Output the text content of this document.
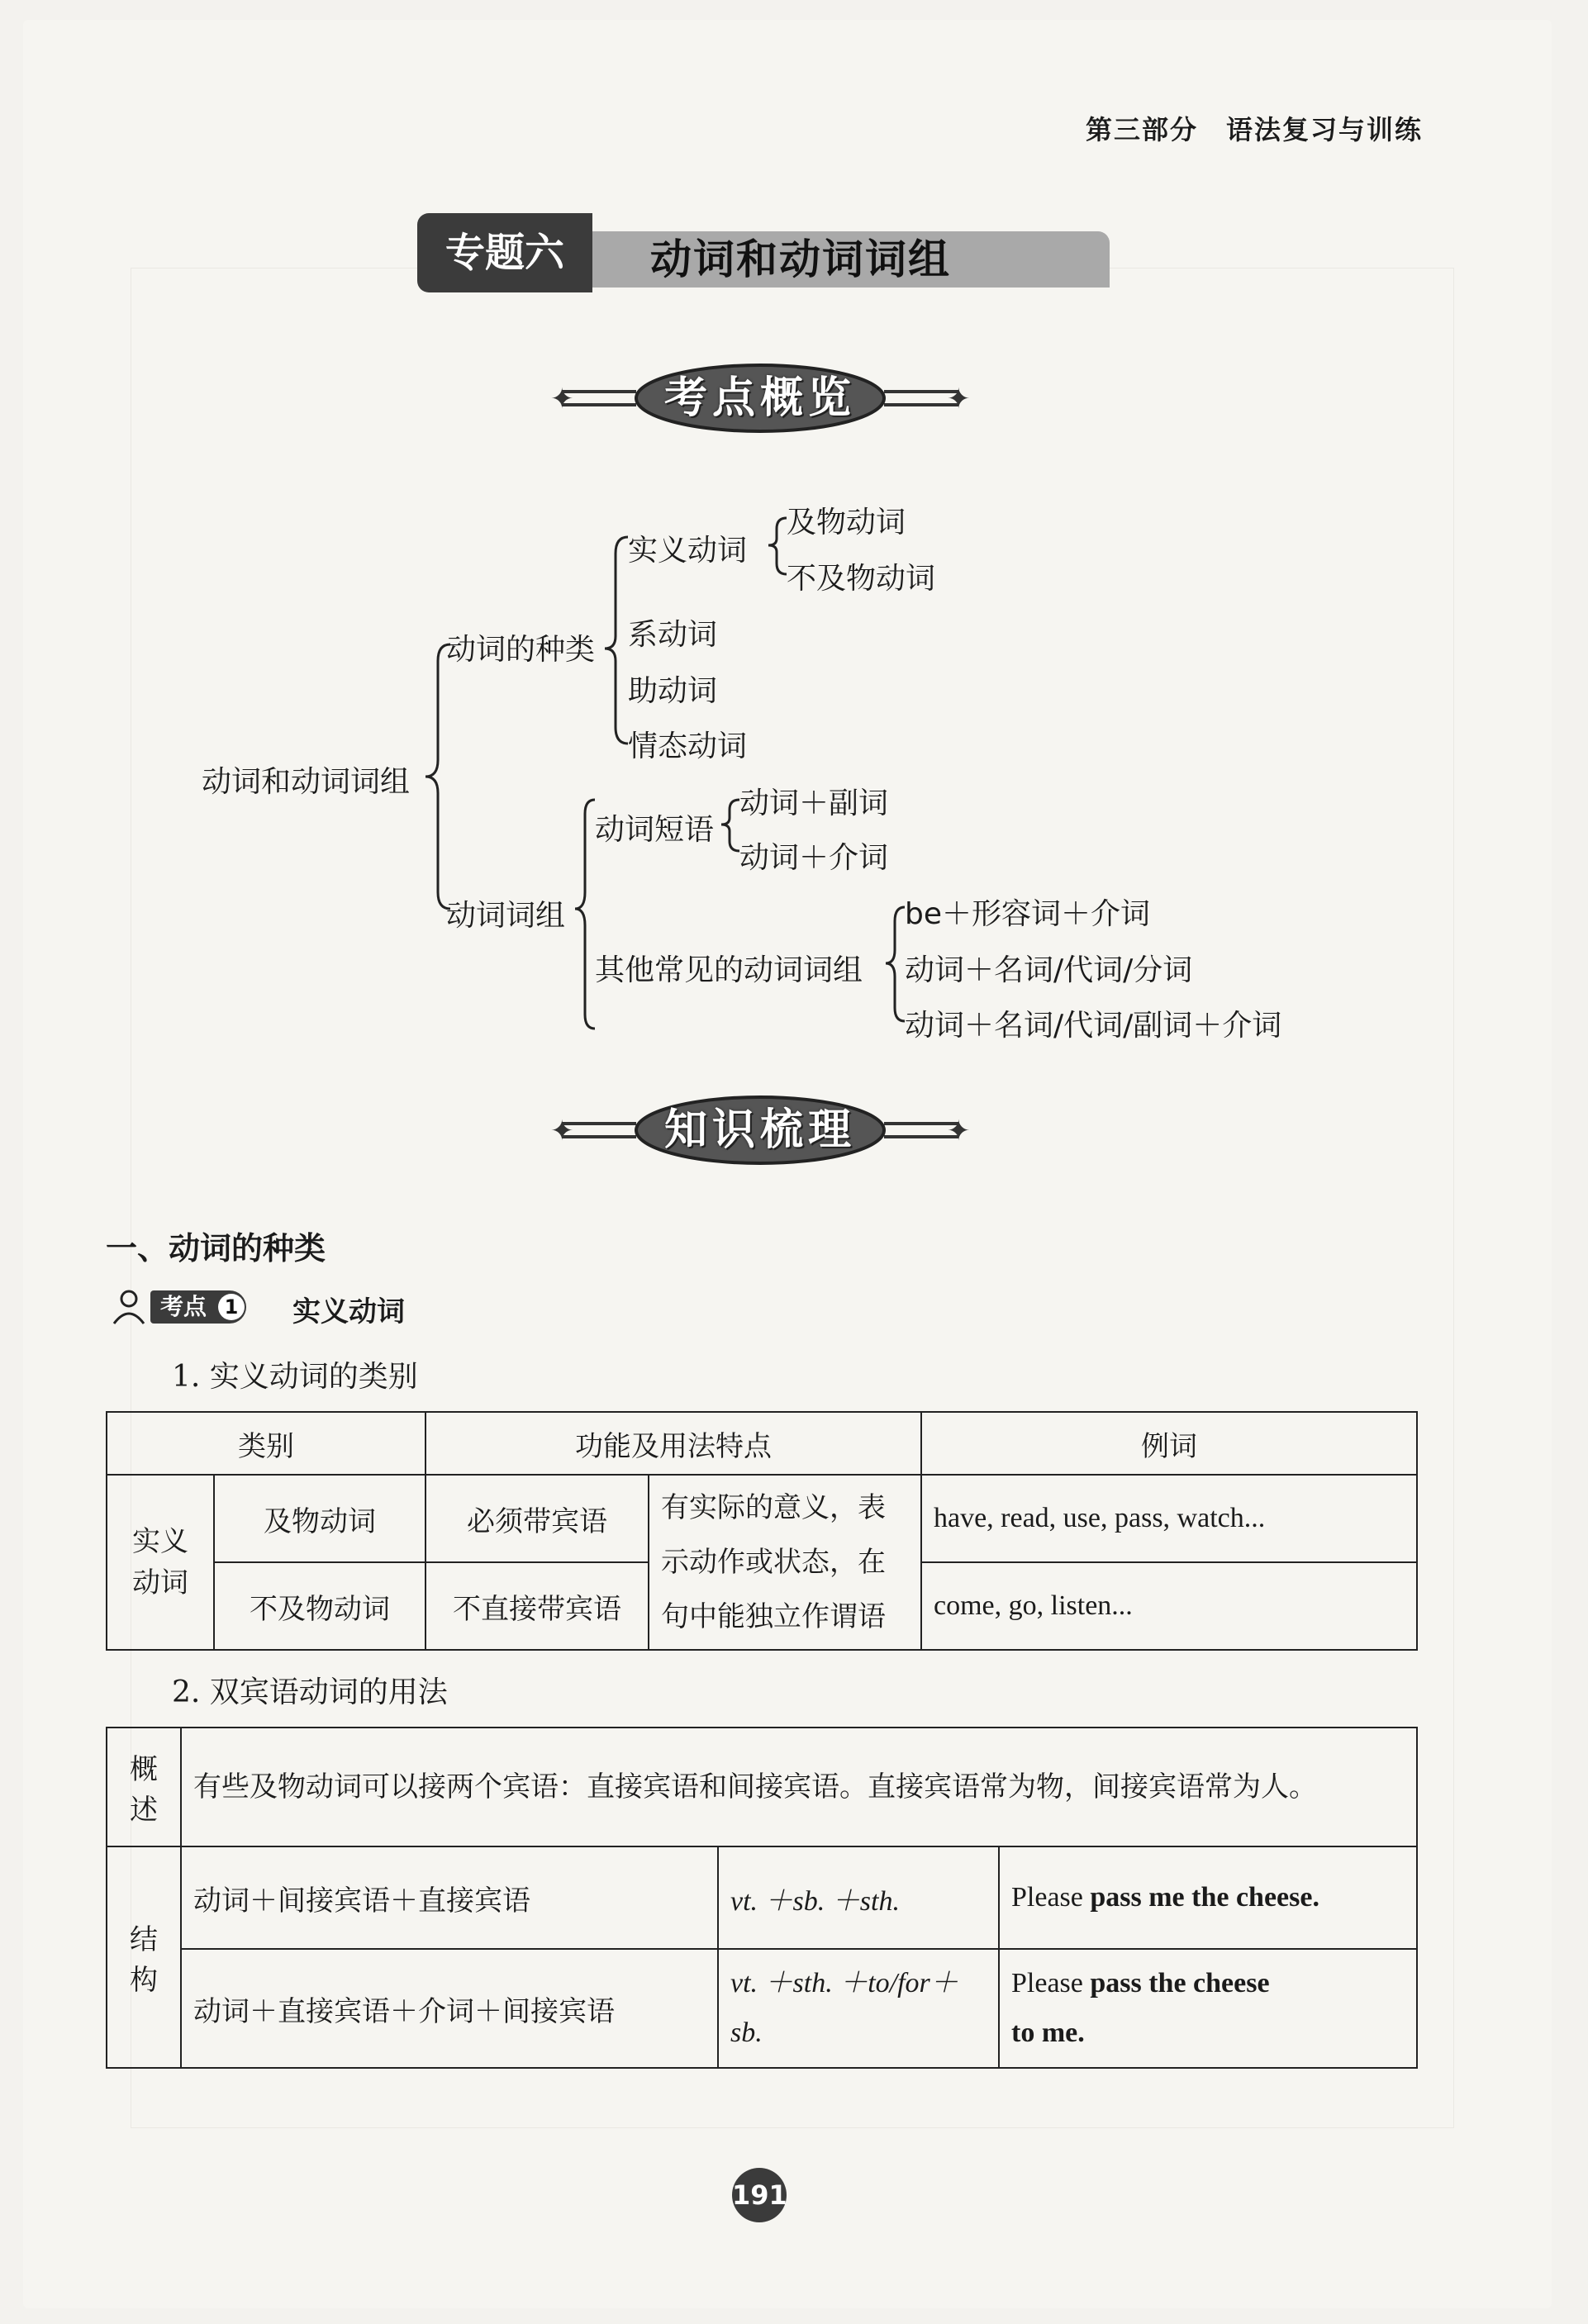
第三部分　语法复习与训练
专题六	动词和动词词组
✦	✦
考点概览
动词和动词词组
动词的种类
实义动词
及物动词
不及物动词
系动词
助动词
情态动词
动词词组
动词短语
动词＋副词
动词＋介词
其他常见的动词词组
be＋形容词＋介词
动词＋名词/代词/分词
动词＋名词/代词/副词＋介词
✦	✦
知识梳理
一、动词的种类
考点 1 实义动词
1. 实义动词的类别
类别		功能及用法特点		例词
实义
动词	及物动词	必须带宾语	有实际的意义，表示动作或状态，在句中能独立作谓语	have, read, use, pass, watch...
	不及物动词	不直接带宾语		come, go, listen...
2. 双宾语动词的用法
概述	有些及物动词可以接两个宾语：直接宾语和间接宾语。直接宾语常为物，间接宾语常为人。		
结构	动词＋间接宾语＋直接宾语	vt. ＋sb. ＋sth.	Please pass me the cheese.
	动词＋直接宾语＋介词＋间接宾语	vt. ＋sth. ＋to/for＋sb.	Please pass the cheese
to me.
191
